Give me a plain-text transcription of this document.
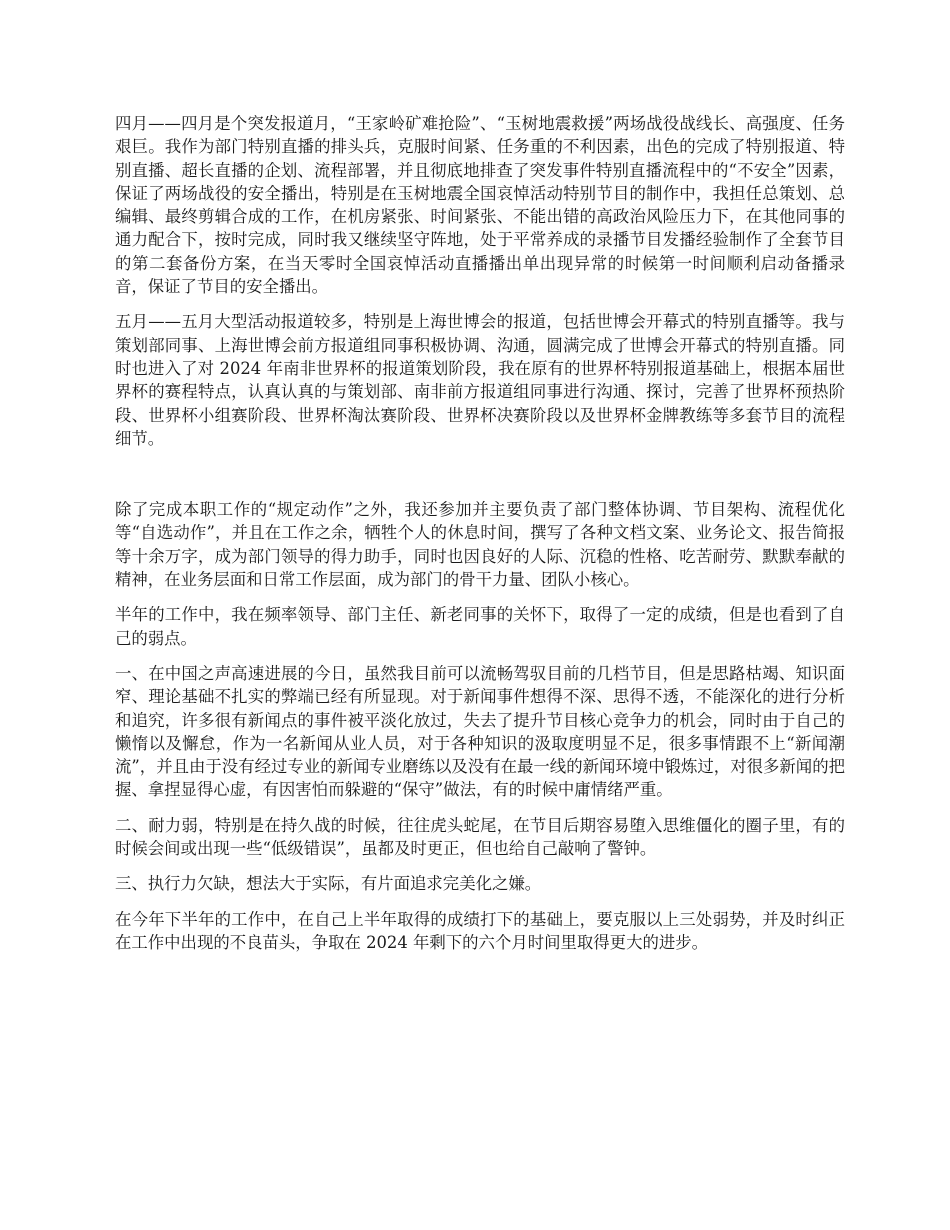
四月——四月是个突发报道月，“王家岭矿难抢险”、“玉树地震救援”两场战役战线长、高强度、任务艰巨。我作为部门特别直播的排头兵，克服时间紧、任务重的不利因素，出色的完成了特别报道、特别直播、超长直播的企划、流程部署，并且彻底地排查了突发事件特别直播流程中的“不安全”因素，保证了两场战役的安全播出，特别是在玉树地震全国哀悼活动特别节目的制作中，我担任总策划、总编辑、最终剪辑合成的工作，在机房紧张、时间紧张、不能出错的高政治风险压力下，在其他同事的通力配合下，按时完成，同时我又继续坚守阵地，处于平常养成的录播节目发播经验制作了全套节目的第二套备份方案，在当天零时全国哀悼活动直播播出单出现异常的时候第一时间顺利启动备播录音，保证了节目的安全播出。

五月——五月大型活动报道较多，特别是上海世博会的报道，包括世博会开幕式的特别直播等。我与策划部同事、上海世博会前方报道组同事积极协调、沟通，圆满完成了世博会开幕式的特别直播。同时也进入了对 2024 年南非世界杯的报道策划阶段，我在原有的世界杯特别报道基础上，根据本届世界杯的赛程特点，认真认真的与策划部、南非前方报道组同事进行沟通、探讨，完善了世界杯预热阶段、世界杯小组赛阶段、世界杯淘汰赛阶段、世界杯决赛阶段以及世界杯金牌教练等多套节目的流程细节。

除了完成本职工作的“规定动作”之外，我还参加并主要负责了部门整体协调、节目架构、流程优化等“自选动作”，并且在工作之余，牺牲个人的休息时间，撰写了各种文档文案、业务论文、报告简报等十余万字，成为部门领导的得力助手，同时也因良好的人际、沉稳的性格、吃苦耐劳、默默奉献的精神，在业务层面和日常工作层面，成为部门的骨干力量、团队小核心。

半年的工作中，我在频率领导、部门主任、新老同事的关怀下，取得了一定的成绩，但是也看到了自己的弱点。

一、在中国之声高速进展的今日，虽然我目前可以流畅驾驭目前的几档节目，但是思路枯竭、知识面窄、理论基础不扎实的弊端已经有所显现。对于新闻事件想得不深、思得不透，不能深化的进行分析和追究，许多很有新闻点的事件被平淡化放过，失去了提升节目核心竞争力的机会，同时由于自己的懒惰以及懈怠，作为一名新闻从业人员，对于各种知识的汲取度明显不足，很多事情跟不上“新闻潮流”，并且由于没有经过专业的新闻专业磨练以及没有在最一线的新闻环境中锻炼过，对很多新闻的把握、拿捏显得心虚，有因害怕而躲避的“保守”做法，有的时候中庸情绪严重。

二、耐力弱，特别是在持久战的时候，往往虎头蛇尾，在节目后期容易堕入思维僵化的圈子里，有的时候会间或出现一些“低级错误”，虽都及时更正，但也给自己敲响了警钟。

三、执行力欠缺，想法大于实际，有片面追求完美化之嫌。

在今年下半年的工作中，在自己上半年取得的成绩打下的基础上，要克服以上三处弱势，并及时纠正在工作中出现的不良苗头，争取在 2024 年剩下的六个月时间里取得更大的进步。
